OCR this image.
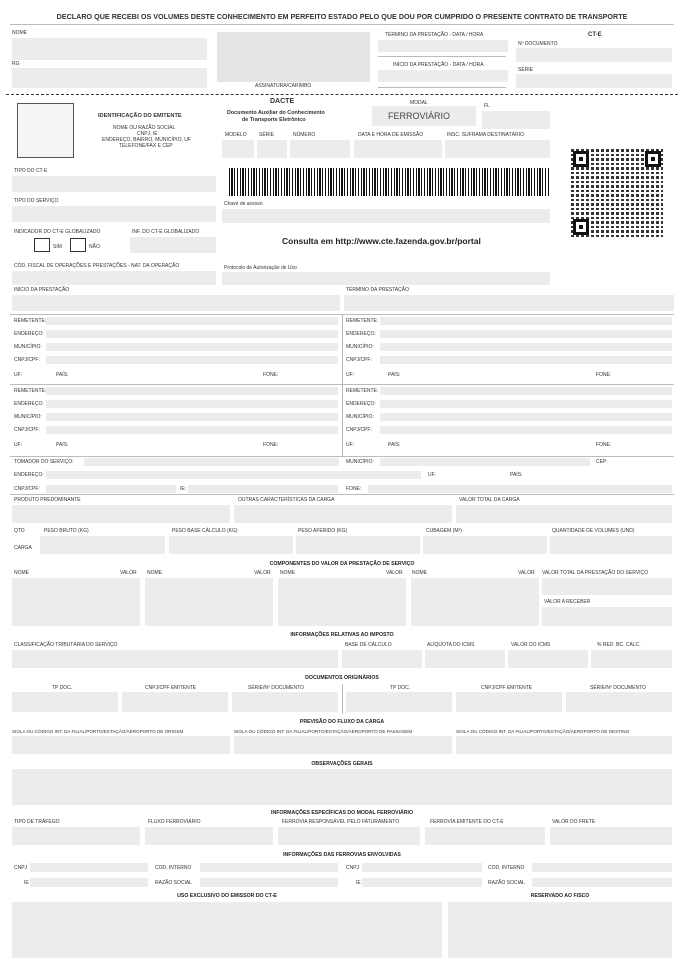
DECLARO QUE RECEBI OS VOLUMES DESTE CONHECIMENTO EM PERFEITO ESTADO PELO QUE DOU POR CUMPRIDO O PRESENTE CONTRATO DE TRANSPORTE
NOME
RG
ASSINATURA/CARIMBO
TÉRMINO DA PRESTAÇÃO - DATA / HORA
INÍCIO DA PRESTAÇÃO - DATA / HORA
CT-E
Nº DOCUMENTO
SÉRIE
IDENTIFICAÇÃO DO EMITENTE
NOME OU RAZÃO SOCIAL
CNPJ, IE
ENDEREÇO, BAIRRO, MUNICÍPIO, UF
TELEFONE/FAX E CEP
DACTE
Documento Auxiliar do Conhecimento
de Transporte Eletrônico
MODAL
FERROVIÁRIO
FL
MODELO SÉRIE	NÚMERO	DATA E HORA DE EMISSÃO	INSC. SUFRAMA DESTINATÁRIO
TIPO DO CT-E
TIPO DO SERVIÇO	Chave de acesso
INDICADOR DO CT-E GLOBALIZADO	INF. DO CT-E GLOBALIZADO
SIM	NÃO
Consulta em http://www.cte.fazenda.gov.br/portal
CÓD. FISCAL DE OPERAÇÕES E PRESTAÇÕES - NAT. DA OPERAÇÃO	Protocolo de Autorização de Uso
INÍCIO DA PRESTAÇÃO	TÉRMINO DA PRESTAÇÃO
REMETENTE:
ENDEREÇO:
MUNICÍPIO:
CNPJ/CPF:
UF:	PAÍS:	FONE:
REMETENTE:
ENDEREÇO:
MUNICÍPIO:
CNPJ/CPF:
UF:	PAÍS:	FONE:
REMETENTE:
ENDEREÇO:
MUNICÍPIO:
CNPJ/CPF:
UF:	PAÍS:	FONE:
REMETENTE:
ENDEREÇO:
MUNICÍPIO:
CNPJ/CPF:
UF:	PAÍS:	FONE:
TOMADOR DO SERVIÇO:	MUNICÍPIO:	CEP:
ENDEREÇO:	UF:	PAÍS:
CNPJ/CPF:	IE:	FONE:
PRODUTO PREDOMINANTE	OUTRAS CARACTERÍSTICAS DA CARGA	VALOR TOTAL DA CARGA
QTD	PESO BRUTO (KG)	PESO BASE CÁLCULO (KG)	PESO AFERIDO (KG)	CUBAGEM (M³)	QUANTIDADE DE VOLUMES (UND)
CARGA
COMPONENTES DO VALOR DA PRESTAÇÃO DE SERVIÇO
NOME	VALOR NOME	VALOR NOME	VALOR NOME	VALOR VALOR TOTAL DA PRESTAÇÃO DO SERVIÇO
VALOR A RECEBER
INFORMAÇÕES RELATIVAS AO IMPOSTO
CLASSIFICAÇÃO TRIBUTÁRIA DO SERVIÇO	BASE DE CÁLCULO	ALÍQUOTA DO ICMS	VALOR DO ICMS	% RED. BC. CALC.
DOCUMENTOS ORIGINÁRIOS
TP DOC.	CNPJ/CPF EMITENTE	SÉRIE/Nº DOCUMENTO	TP DOC.	CNPJ/CPF EMITENTE	SÉRIE/Nº DOCUMENTO
PREVISÃO DO FLUXO DA CARGA
SIGLA OU CÓDIGO INT. DA FILIAL/PORTO/ESTAÇÃO/AEROPORTO DE ORIGEM	SIGLA OU CÓDIGO INT. DA FILIAL/PORTO/ESTAÇÃO/AEROPORTO DE PASSAGEM	SIGLA OU CÓDIGO INT. DA FILIAL/PORTO/ESTAÇÃO/AEROPORTO DE DESTINO
OBSERVAÇÕES GERAIS
INFORMAÇÕES ESPECÍFICAS DO MODAL FERROVIÁRIO
TIPO DE TRÁFEGO	FLUXO FERROVIÁRIO	FERROVIA RESPONSÁVEL PELO FATURAMENTO	FERROVIA EMITENTE DO CT-E	VALOR DO FRETE
INFORMAÇÕES DAS FERROVIAS ENVOLVIDAS
CNPJ	COD. INTERNO
IE	RAZÃO SOCIAL
CNPJ	COD. INTERNO
IE	RAZÃO SOCIAL
USO EXCLUSIVO DO EMISSOR DO CT-E	RESERVADO AO FISCO
